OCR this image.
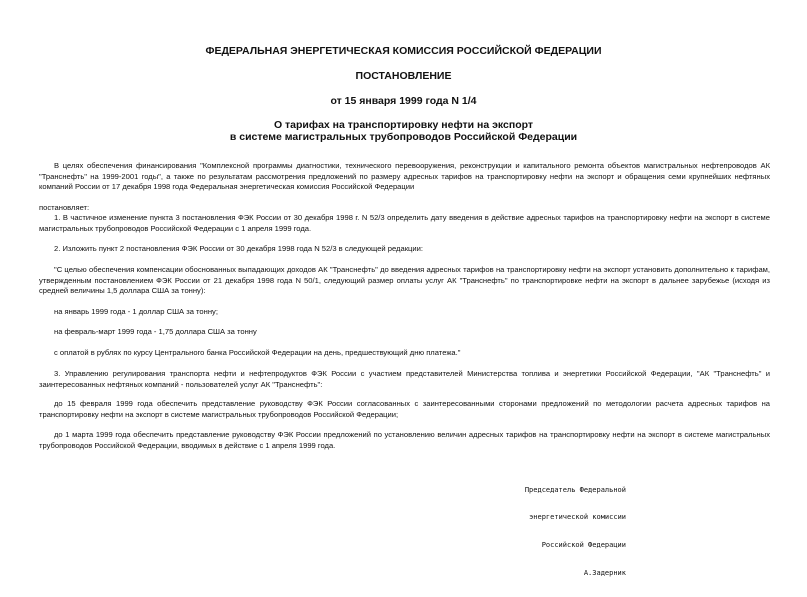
ФЕДЕРАЛЬНАЯ ЭНЕРГЕТИЧЕСКАЯ КОМИССИЯ РОССИЙСКОЙ ФЕДЕРАЦИИ
ПОСТАНОВЛЕНИЕ
от 15 января 1999 года N 1/4
О тарифах на транспортировку нефти на экспорт
в системе магистральных трубопроводов Российской Федерации
В целях обеспечения финансирования "Комплексной программы диагностики, технического перевооружения, реконструкции и капитального ремонта объектов магистральных нефтепроводов АК "Транснефть" на 1999-2001 годы", а также по результатам рассмотрения предложений по размеру адресных тарифов на транспортировку нефти на экспорт и обращения семи крупнейших нефтяных компаний России от 17 декабря 1998 года Федеральная энергетическая комиссия Российской Федерации
постановляет:
1. В частичное изменение пункта 3 постановления ФЭК России от 30 декабря 1998 г. N 52/3 определить дату введения в действие адресных тарифов на транспортировку нефти на экспорт в системе магистральных трубопроводов Российской Федерации с 1 апреля 1999 года.
2. Изложить пункт 2 постановления ФЭК России от 30 декабря 1998 года N 52/3 в следующей редакции:
"С целью обеспечения компенсации обоснованных выпадающих доходов АК "Транснефть" до введения адресных тарифов на транспортировку нефти на экспорт установить дополнительно к тарифам, утвержденным постановлением ФЭК России от 21 декабря 1998 года N 50/1, следующий размер оплаты услуг АК "Транснефть" по транспортировке нефти на экспорт в дальнее зарубежье (исходя из средней величины 1,5 доллара США за тонну):
на январь 1999 года - 1 доллар США за тонну;
на февраль-март 1999 года - 1,75 доллара США за тонну
с оплатой в рублях по курсу Центрального банка Российской Федерации на день, предшествующий дню платежа."
3. Управлению регулирования транспорта нефти и нефтепродуктов ФЭК России с участием представителей Министерства топлива и энергетики Российской Федерации, "АК "Транснефть" и заинтересованных нефтяных компаний - пользователей услуг АК "Транснефть":
до 15 февраля 1999 года обеспечить представление руководству ФЭК России согласованных с заинтересованными сторонами предложений по методологии расчета адресных тарифов на транспортировку нефти на экспорт в системе магистральных трубопроводов Российской Федерации;
до 1 марта 1999 года обеспечить представление руководству ФЭК России предложений по установлению величин адресных тарифов на транспортировку нефти на экспорт в системе магистральных трубопроводов Российской Федерации, вводимых в действие с 1 апреля 1999 года.

Председатель Федеральной

энергетической комиссии

Российской Федерации

А.Задерник
